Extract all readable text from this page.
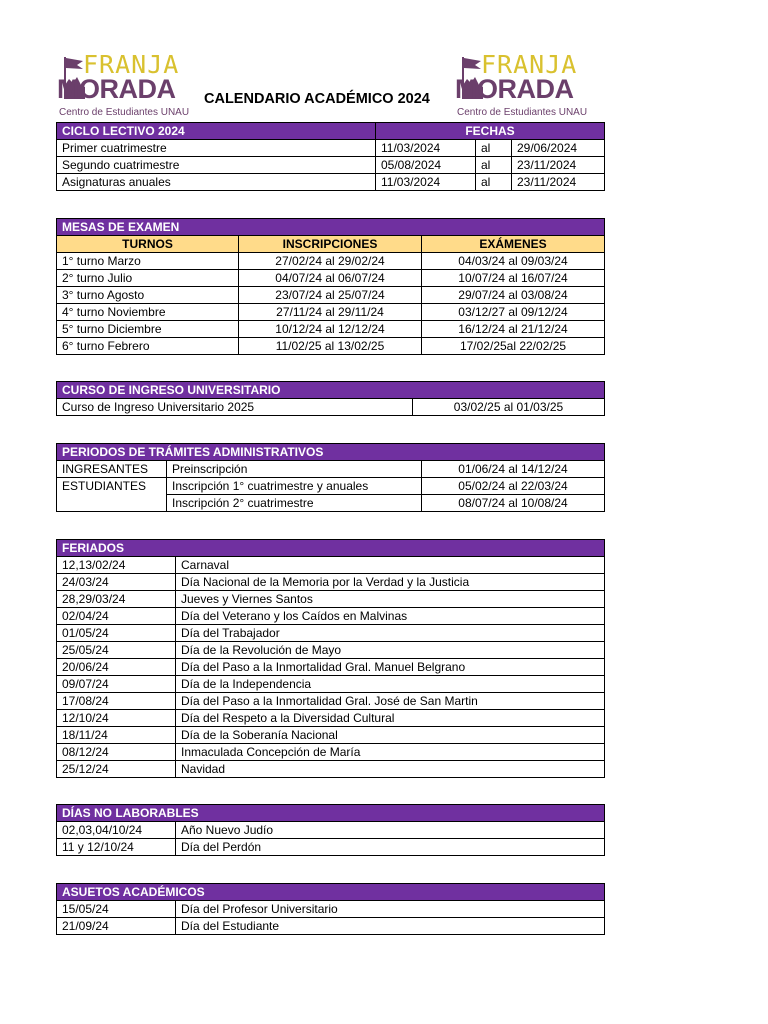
FRANJA
MORADA
Centro de Estudiantes UNAU
CALENDARIO ACADÉMICO 2024
FRANJA
MORADA
Centro de Estudiantes UNAU
CICLO LECTIVO 2024	FECHAS		
Primer cuatrimestre	11/03/2024	al	29/06/2024
Segundo cuatrimestre	05/08/2024	al	23/11/2024
Asignaturas anuales	11/03/2024	al	23/11/2024
MESAS DE EXAMEN		
TURNOS	INSCRIPCIONES	EXÁMENES
1° turno Marzo	27/02/24 al 29/02/24	04/03/24 al 09/03/24
2° turno Julio	04/07/24 al 06/07/24	10/07/24 al 16/07/24
3° turno Agosto	23/07/24 al 25/07/24	29/07/24 al 03/08/24
4° turno Noviembre	27/11/24 al 29/11/24	03/12/27 al 09/12/24
5° turno Diciembre	10/12/24 al 12/12/24	16/12/24 al 21/12/24
6° turno Febrero	11/02/25 al 13/02/25	17/02/25al 22/02/25
CURSO DE INGRESO UNIVERSITARIO
Curso de Ingreso Universitario 2025	03/02/25 al 01/03/25
PERIODOS DE TRÁMITES ADMINISTRATIVOS		
INGRESANTES	Preinscripción	01/06/24 al 14/12/24
ESTUDIANTES	Inscripción 1° cuatrimestre y anuales	05/02/24 al 22/03/24
	Inscripción 2° cuatrimestre	08/07/24 al 10/08/24
FERIADOS	
12,13/02/24	Carnaval
24/03/24	Día Nacional de la Memoria por la Verdad y la Justicia
28,29/03/24	Jueves y Viernes Santos
02/04/24	Día del Veterano y los Caídos en Malvinas
01/05/24	Día del Trabajador
25/05/24	Día de la Revolución de Mayo
20/06/24	Día del Paso a la Inmortalidad Gral. Manuel Belgrano
09/07/24	Día de la Independencia
17/08/24	Día del Paso a la Inmortalidad Gral. José de San Martin
12/10/24	Día del Respeto a la Diversidad Cultural
18/11/24	Día de la Soberanía Nacional
08/12/24	Inmaculada Concepción de María
25/12/24	Navidad
DÍAS NO LABORABLES	
02,03,04/10/24	Año Nuevo Judío
11 y 12/10/24	Día del Perdón
ASUETOS ACADÉMICOS	
15/05/24	Día del Profesor Universitario
21/09/24	Día del Estudiante
